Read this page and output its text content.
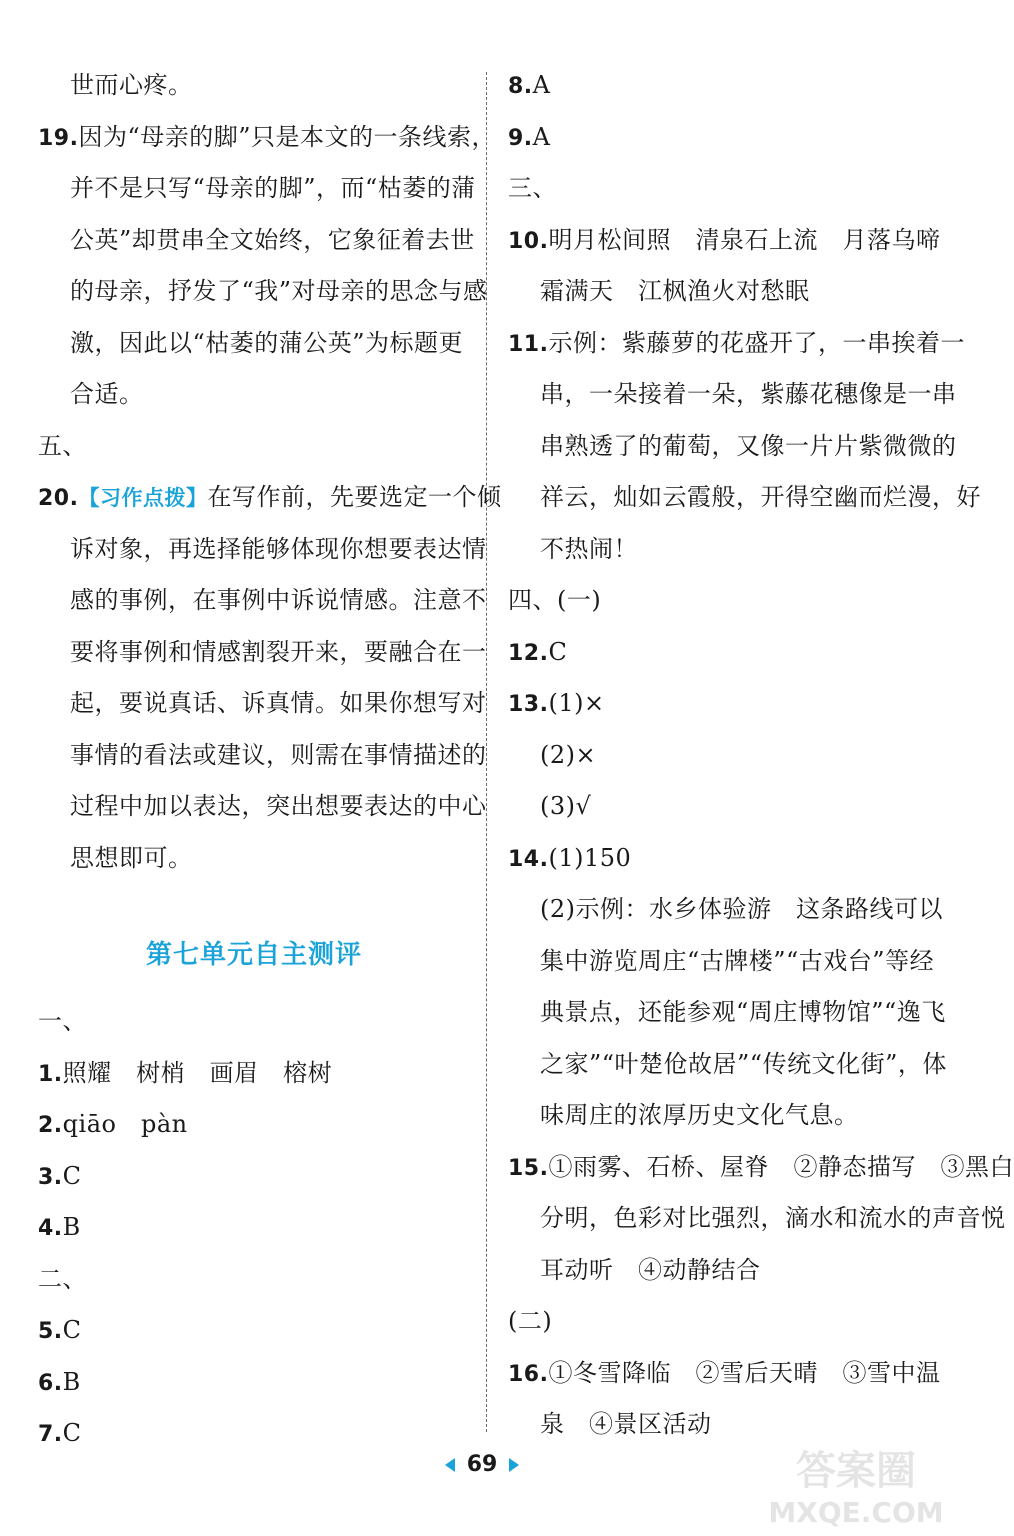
世而心疼。
19.因为“母亲的脚”只是本文的一条线索，
并不是只写“母亲的脚”，而“枯萎的蒲
公英”却贯串全文始终，它象征着去世
的母亲，抒发了“我”对母亲的思念与感
激，因此以“枯萎的蒲公英”为标题更
合适。
五、
20.【习作点拨】在写作前，先要选定一个倾
诉对象，再选择能够体现你想要表达情
感的事例，在事例中诉说情感。注意不
要将事例和情感割裂开来，要融合在一
起，要说真话、诉真情。如果你想写对
事情的看法或建议，则需在事情描述的
过程中加以表达，突出想要表达的中心
思想即可。
第七单元自主测评
一、
1.照耀　树梢　画眉　榕树
2.qiāo　pàn
3.C
4.B
二、
5.C
6.B
7.C
8.A
9.A
三、
10.明月松间照　清泉石上流　月落乌啼
霜满天　江枫渔火对愁眠
11.示例：紫藤萝的花盛开了，一串挨着一
串，一朵接着一朵，紫藤花穗像是一串
串熟透了的葡萄，又像一片片紫微微的
祥云，灿如云霞般，开得空幽而烂漫，好
不热闹！
四、(一)
12.C
13.(1)×
(2)×
(3)√
14.(1)150
(2)示例：水乡体验游　这条路线可以
集中游览周庄“古牌楼”“古戏台”等经
典景点，还能参观“周庄博物馆”“逸飞
之家”“叶楚伧故居”“传统文化街”，体
味周庄的浓厚历史文化气息。
15.①雨雾、石桥、屋脊　②静态描写　③黑白
分明，色彩对比强烈，滴水和流水的声音悦
耳动听　④动静结合
(二)
16.①冬雪降临　②雪后天晴　③雪中温
泉　④景区活动
69	答案圈
MXQE.COM
